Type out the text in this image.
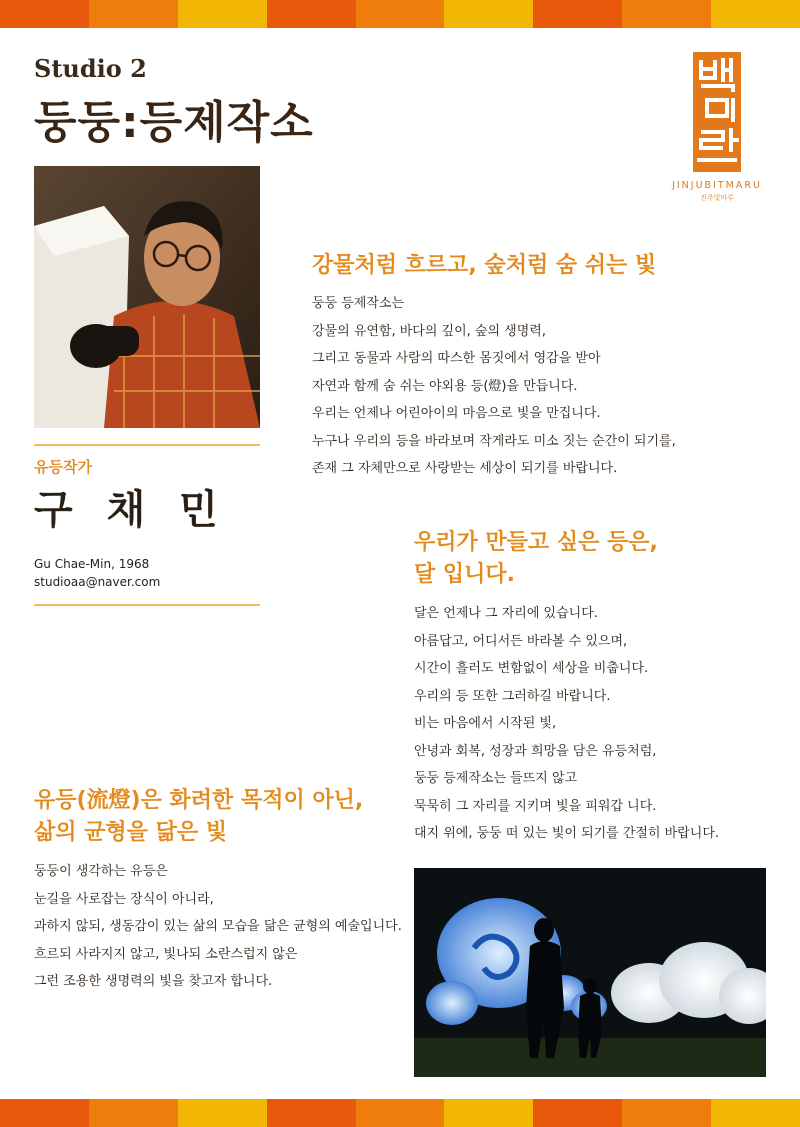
Studio 2
둥둥:등제작소
JINJUBITMARU
진주빛마루
유등작가
구 채 민
Gu Chae-Min, 1968
studioaa@naver.com
강물처럼 흐르고, 숲처럼 숨 쉬는 빛
둥둥 등제작소는
강물의 유연함, 바다의 깊이, 숲의 생명력,
그리고 동물과 사람의 따스한 몸짓에서 영감을 받아
자연과 함께 숨 쉬는 야외용 등(燈)을 만듭니다.
우리는 언제나 어린아이의 마음으로 빛을 만집니다.
누구나 우리의 등을 바라보며 작게라도 미소 짓는 순간이 되기를,
존재 그 자체만으로 사랑받는 세상이 되기를 바랍니다.
우리가 만들고 싶은 등은,
달 입니다.
달은 언제나 그 자리에 있습니다.
아름답고, 어디서든 바라볼 수 있으며,
시간이 흘러도 변함없이 세상을 비춥니다.
우리의 등 또한 그러하길 바랍니다.
비는 마음에서 시작된 빛,
안녕과 회복, 성장과 희망을 담은 유등처럼,
둥둥 등제작소는 들뜨지 않고
묵묵히 그 자리를 지키며 빛을 피워갑 니다.
대지 위에, 둥둥 떠 있는 빛이 되기를 간절히 바랍니다.
유등(流燈)은 화려한 목적이 아닌,
삶의 균형을 닮은 빛
둥둥이 생각하는 유등은
눈길을 사로잡는 장식이 아니라,
과하지 않되, 생동감이 있는 삶의 모습을 닮은 균형의 예술입니다.
흐르되 사라지지 않고, 빛나되 소란스럽지 않은
그런 조용한 생명력의 빛을 찾고자 합니다.
